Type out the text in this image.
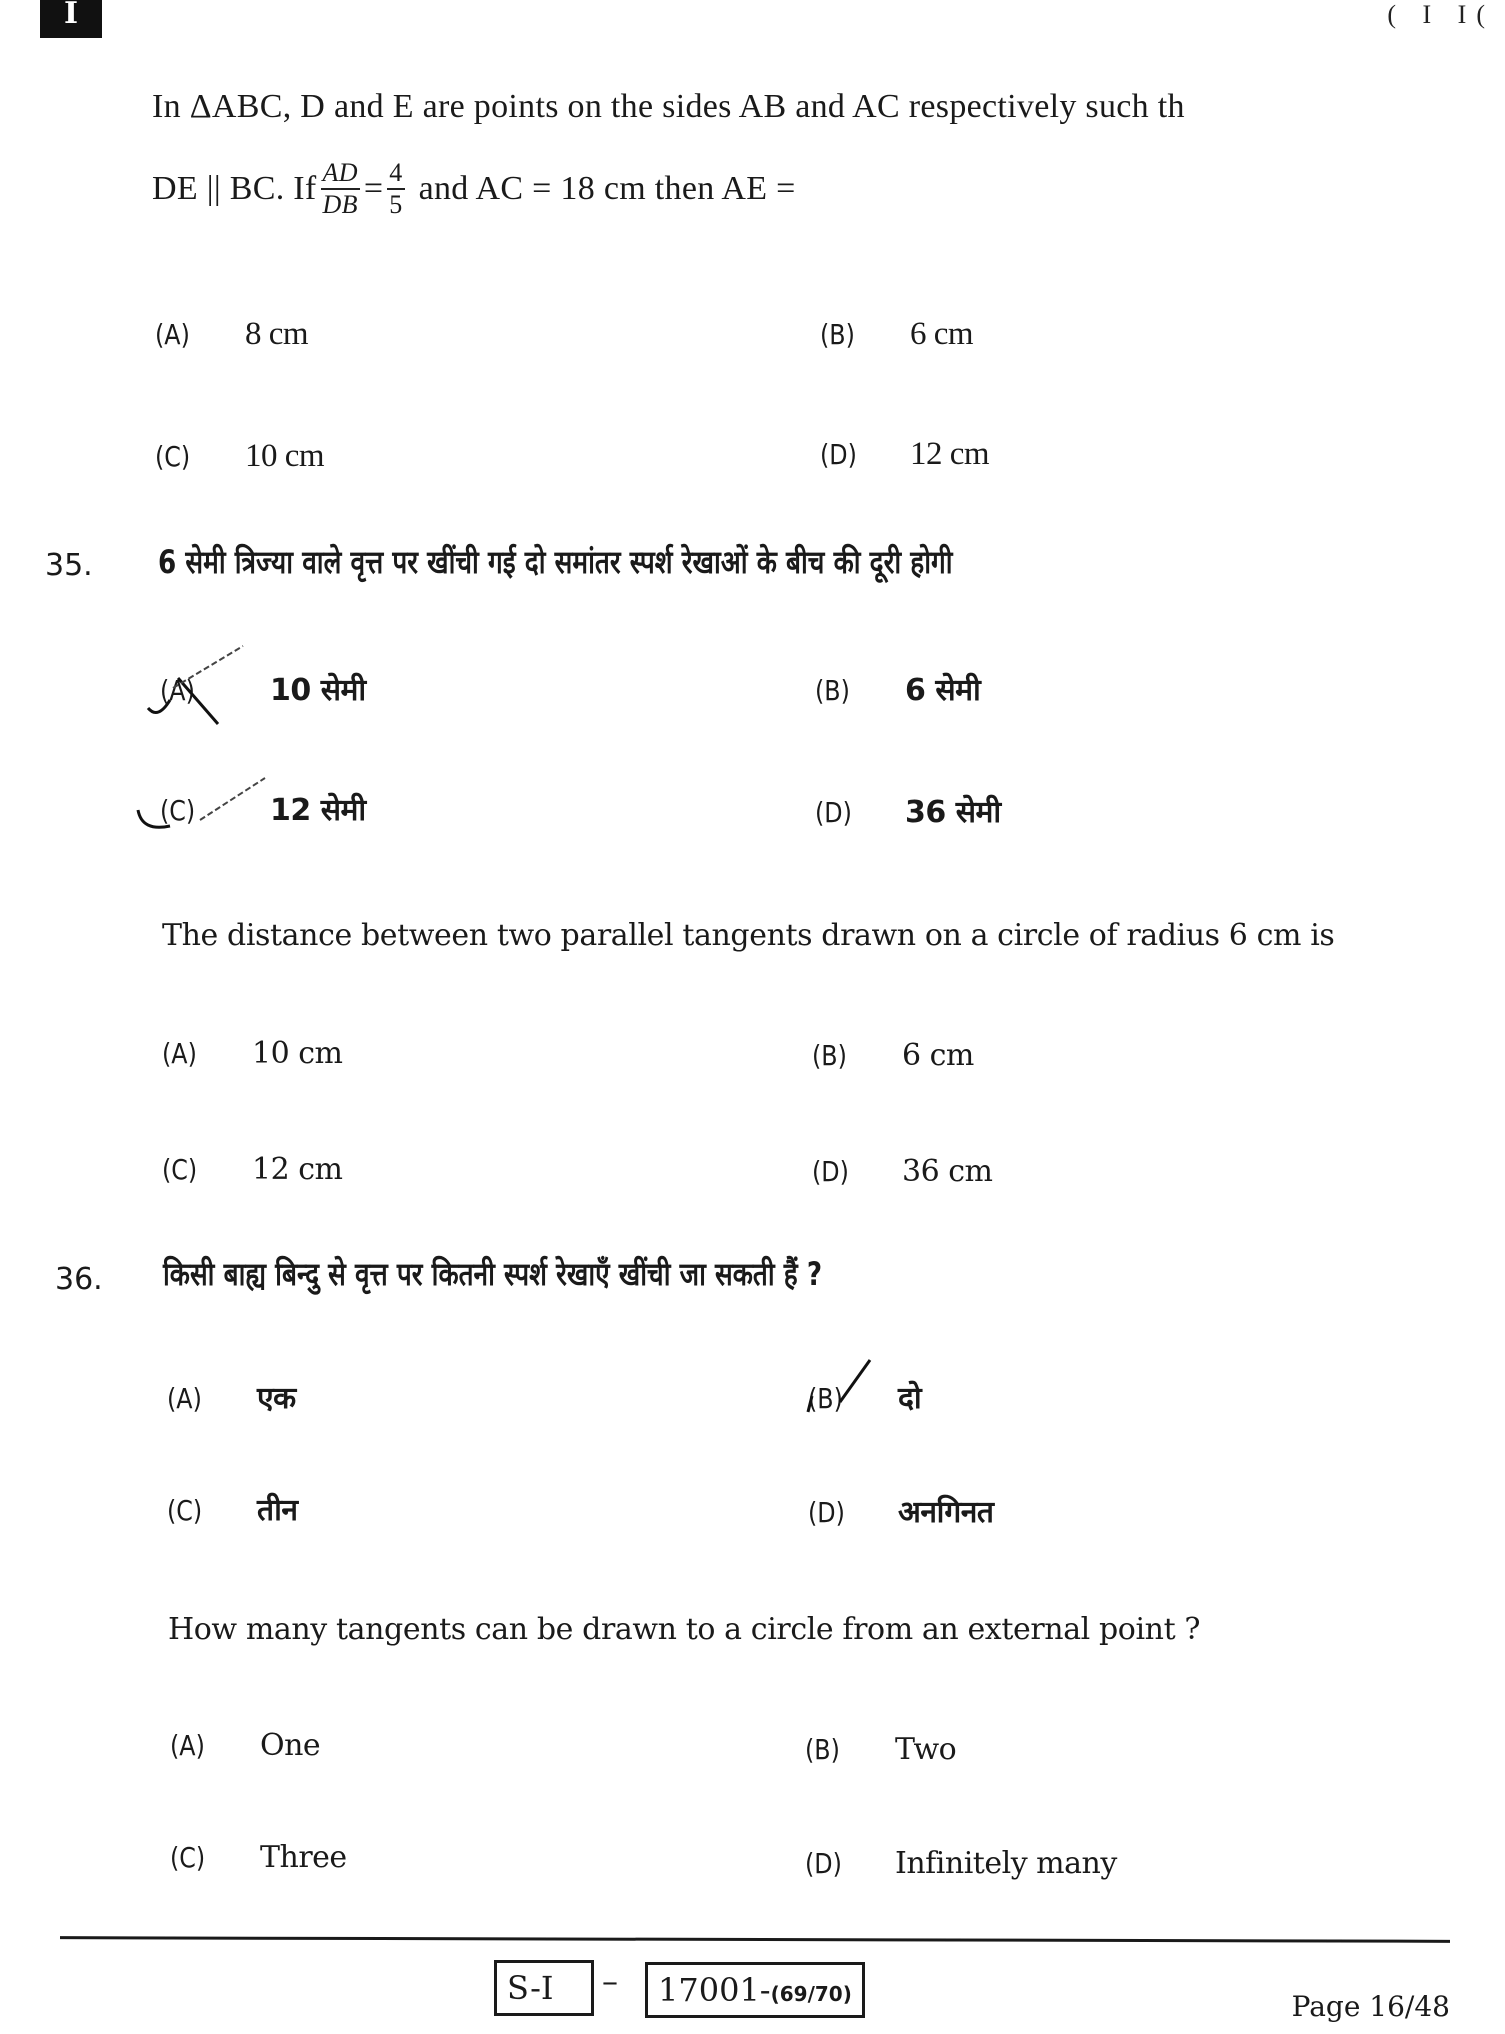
I	( I I(
In ΔABC, D and E are points on the sides AB and AC respectively such th
DE || BC. If $\frac{AD}{DB} = \frac{4}{5}$ and AC = 18 cm then AE =
(A)	8 cm	(B)	6 cm
(C)	10 cm	(D)	12 cm
35. 6 सेमी त्रिज्या वाले वृत्त पर खींची गई दो समांतर स्पर्श रेखाओं के बीच की दूरी होगी
(A)	10 सेमी	(B)	6 सेमी
(C)	12 सेमी	(D)	36 सेमी
The distance between two parallel tangents drawn on a circle of radius 6 cm is
(A)	10 cm	(B)	6 cm
(C)	12 cm	(D)	36 cm
36. किसी बाह्य बिन्दु से वृत्त पर कितनी स्पर्श रेखाएँ खींची जा सकती हैं ?
(A)	एक	(B)	दो
(C)	तीन	(D)	अनगिनत
How many tangents can be drawn to a circle from an external point ?
(A)	One	(B)	Two
(C)	Three	(D)	Infinitely many
S-I	–	17001-(69/70)	Page 16/48
